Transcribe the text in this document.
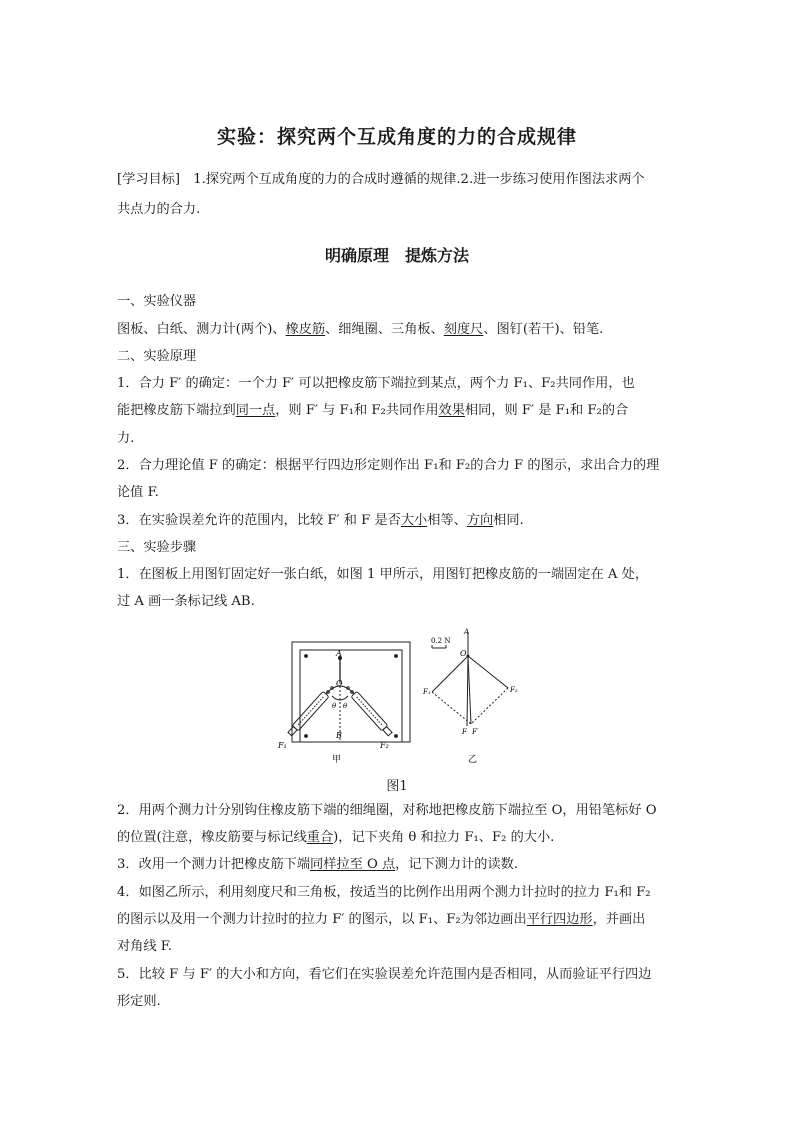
实验：探究两个互成角度的力的合成规律
[学习目标]　1.探究两个互成角度的力的合成时遵循的规律.2.进一步练习使用作图法求两个
共点力的合力.
明确原理　提炼方法
一、实验仪器
图板、白纸、测力计(两个)、橡皮筋、细绳圈、三角板、刻度尺、图钉(若干)、铅笔.
二、实验原理
1．合力 F′ 的确定：一个力 F′ 可以把橡皮筋下端拉到某点，两个力 F₁、F₂共同作用，也
能把橡皮筋下端拉到同一点，则 F′ 与 F₁和 F₂共同作用效果相同，则 F′ 是 F₁和 F₂的合
力.
2．合力理论值 F 的确定：根据平行四边形定则作出 F₁和 F₂的合力 F 的图示，求出合力的理
论值 F.
3．在实验误差允许的范围内，比较 F′ 和 F 是否大小相等、方向相同.
三、实验步骤
1．在图板上用图钉固定好一张白纸，如图 1 甲所示，用图钉把橡皮筋的一端固定在 A 处，
过 A 画一条标记线 AB.
A
O
θ θ
B
F₁	F₂
甲
0.2 N
A
O
F₁	F₂
F F′
乙
图1
2．用两个测力计分别钩住橡皮筋下端的细绳圈，对称地把橡皮筋下端拉至 O，用铅笔标好 O
的位置(注意，橡皮筋要与标记线重合)，记下夹角 θ 和拉力 F₁、F₂ 的大小.
3．改用一个测力计把橡皮筋下端同样拉至 O 点，记下测力计的读数.
4．如图乙所示，利用刻度尺和三角板，按适当的比例作出用两个测力计拉时的拉力 F₁和 F₂
的图示以及用一个测力计拉时的拉力 F′ 的图示，以 F₁、F₂为邻边画出平行四边形，并画出
对角线 F.
5．比较 F 与 F′ 的大小和方向，看它们在实验误差允许范围内是否相同，从而验证平行四边
形定则.
